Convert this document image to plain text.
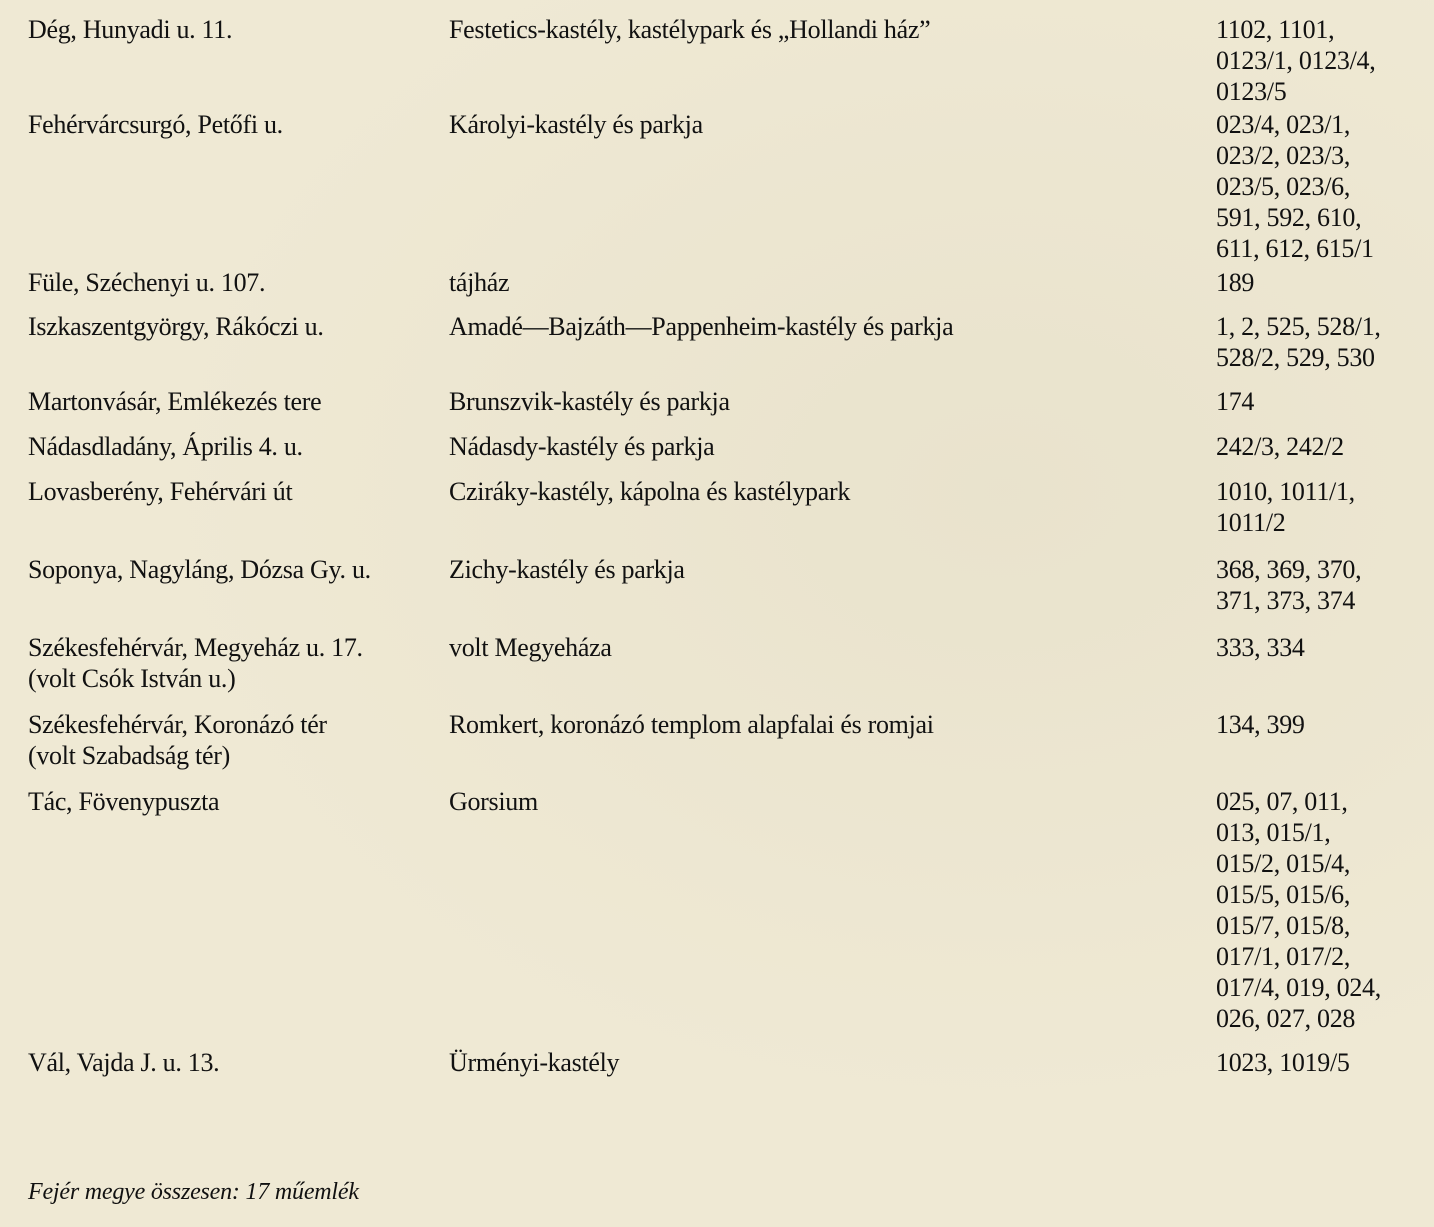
Dég, Hunyadi u. 11.	Festetics-kastély, kastélypark és „Hollandi ház”	1102, 1101,
0123/1, 0123/4,
0123/5
Fehérvárcsurgó, Petőfi u.	Károlyi-kastély és parkja	023/4, 023/1,
023/2, 023/3,
023/5, 023/6,
591, 592, 610,
611, 612, 615/1
Füle, Széchenyi u. 107.	tájház	189
Iszkaszentgyörgy, Rákóczi u.	Amadé—Bajzáth—Pappenheim-kastély és parkja	1, 2, 525, 528/1,
528/2, 529, 530
Martonvásár, Emlékezés tere	Brunszvik-kastély és parkja	174
Nádasdladány, Április 4. u.	Nádasdy-kastély és parkja	242/3, 242/2
Lovasberény, Fehérvári út	Cziráky-kastély, kápolna és kastélypark	1010, 1011/1,
1011/2
Soponya, Nagyláng, Dózsa Gy. u.	Zichy-kastély és parkja	368, 369, 370,
371, 373, 374
Székesfehérvár, Megyeház u. 17.
(volt Csók István u.)
volt Megyeháza	333, 334
Székesfehérvár, Koronázó tér
(volt Szabadság tér)
Romkert, koronázó templom alapfalai és romjai	134, 399
Tác, Fövenypuszta	Gorsium	025, 07, 011,
013, 015/1,
015/2, 015/4,
015/5, 015/6,
015/7, 015/8,
017/1, 017/2,
017/4, 019, 024,
026, 027, 028
Vál, Vajda J. u. 13.	Ürményi-kastély	1023, 1019/5
Fejér megye összesen: 17 műemlék
